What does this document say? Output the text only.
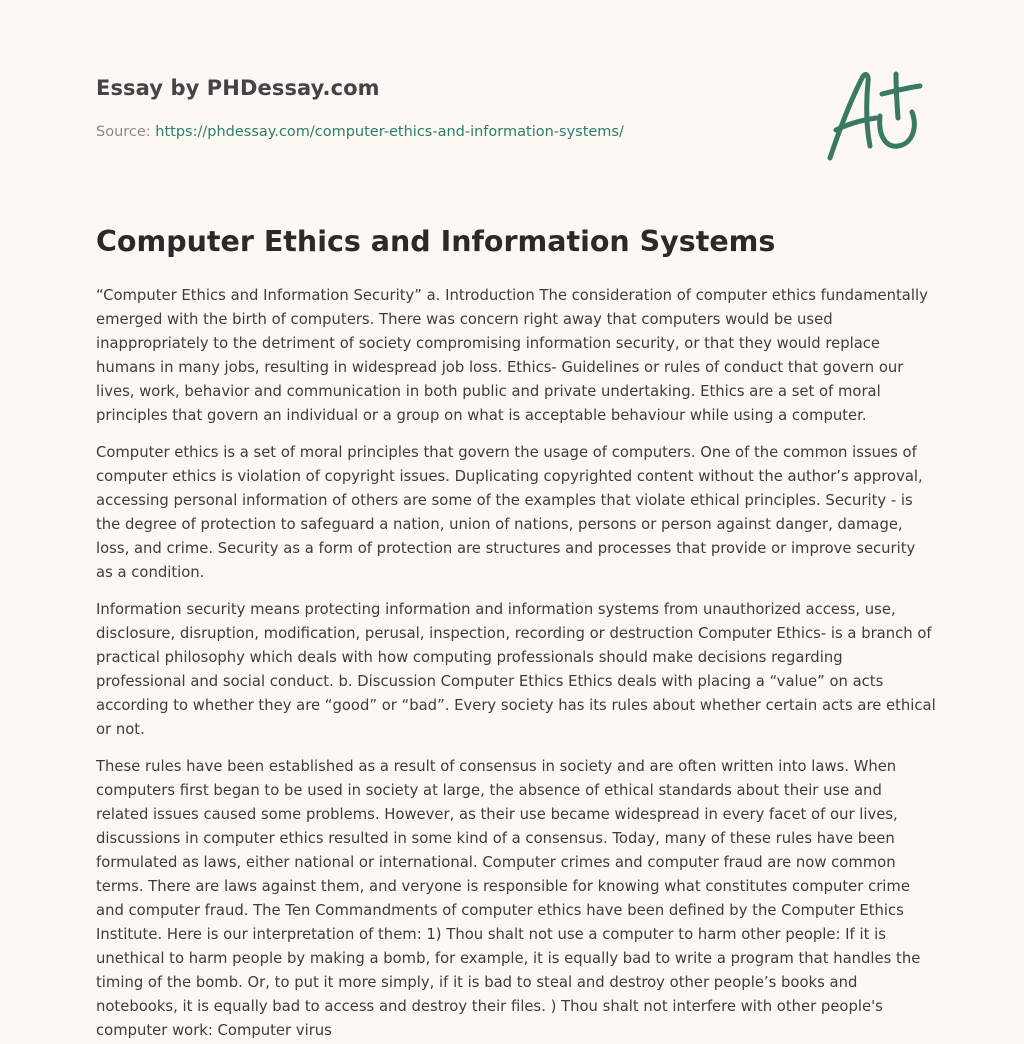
Essay by PHDessay.com

Source: https://phdessay.com/computer-ethics-and-information-systems/

Computer Ethics and Information Systems

“Computer Ethics and Information Security” a. Introduction The consideration of computer ethics fundamentally emerged with the birth of computers. There was concern right away that computers would be used inappropriately to the detriment of society compromising information security, or that they would replace humans in many jobs, resulting in widespread job loss. Ethics- Guidelines or rules of conduct that govern our lives, work, behavior and communication in both public and private undertaking. Ethics are a set of moral principles that govern an individual or a group on what is acceptable behaviour while using a computer.

Computer ethics is a set of moral principles that govern the usage of computers. One of the common issues of computer ethics is violation of copyright issues. Duplicating copyrighted content without the author’s approval, accessing personal information of others are some of the examples that violate ethical principles. Security - is the degree of protection to safeguard a nation, union of nations, persons or person against danger, damage, loss, and crime. Security as a form of protection are structures and processes that provide or improve security as a condition.

Information security means protecting information and information systems from unauthorized access, use, disclosure, disruption, modification, perusal, inspection, recording or destruction Computer Ethics- is a branch of practical philosophy which deals with how computing professionals should make decisions regarding professional and social conduct. b. Discussion Computer Ethics Ethics deals with placing a “value” on acts according to whether they are “good” or “bad”. Every society has its rules about whether certain acts are ethical or not.

These rules have been established as a result of consensus in society and are often written into laws. When computers first began to be used in society at large, the absence of ethical standards about their use and related issues caused some problems. However, as their use became widespread in every facet of our lives, discussions in computer ethics resulted in some kind of a consensus. Today, many of these rules have been formulated as laws, either national or international. Computer crimes and computer fraud are now common terms. There are laws against them, and veryone is responsible for knowing what constitutes computer crime and computer fraud. The Ten Commandments of computer ethics have been defined by the Computer Ethics Institute. Here is our interpretation of them: 1) Thou shalt not use a computer to harm other people: If it is unethical to harm people by making a bomb, for example, it is equally bad to write a program that handles the timing of the bomb. Or, to put it more simply, if it is bad to steal and destroy other people’s books and notebooks, it is equally bad to access and destroy their files. ) Thou shalt not interfere with other people's computer work: Computer virus
